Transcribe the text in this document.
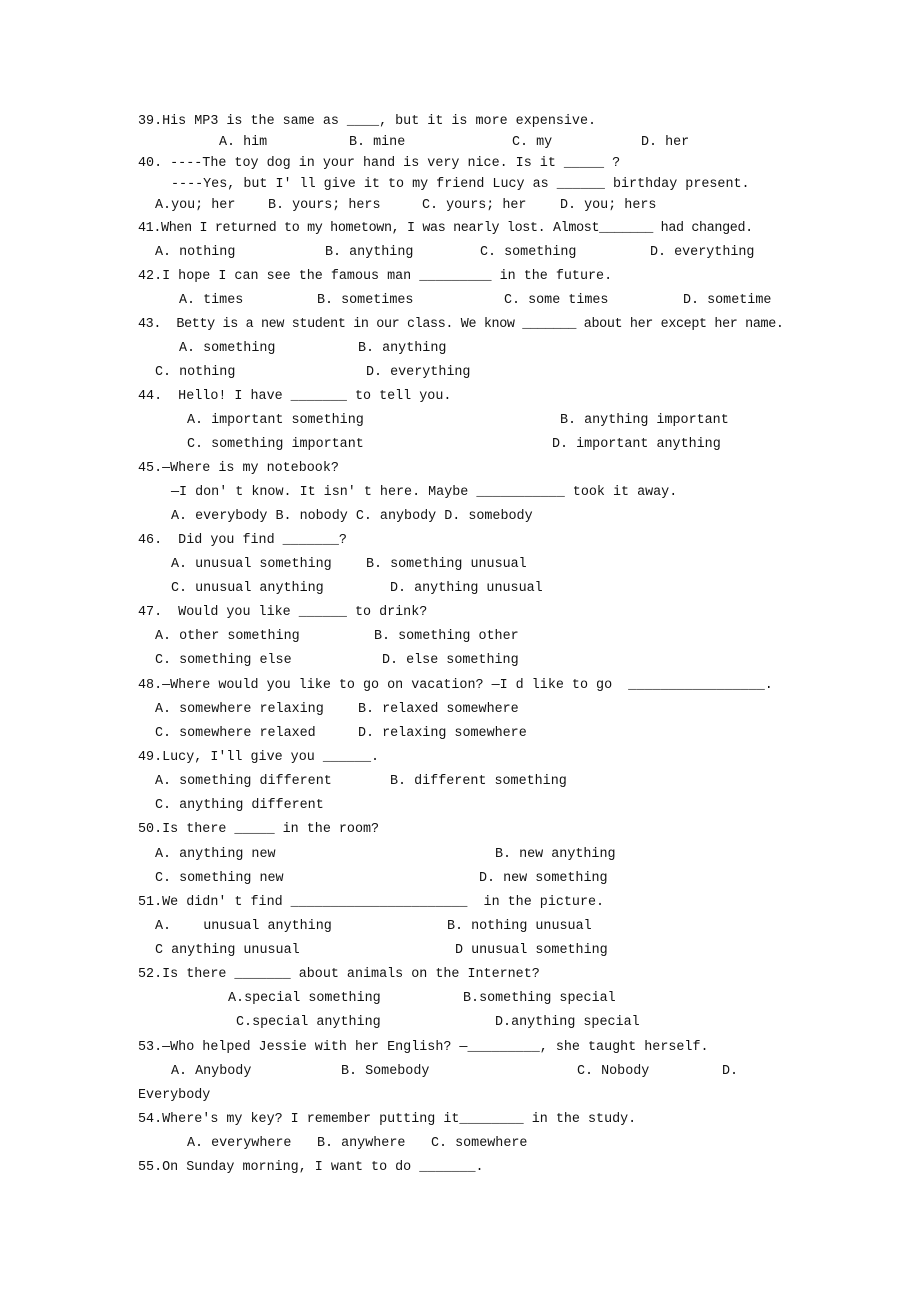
39.His MP3 is the same as ____, but it is more expensive.
A. him	B. mine	C. my	D. her
40. ----The toy dog in your hand is very nice. Is it _____ ?
----Yes, but I' ll give it to my friend Lucy as ______ birthday present.
A.you; her B. yours; hers	C. yours; her	D. you; hers
41.When I returned to my hometown, I was nearly lost. Almost_______ had changed.
A. nothing	B. anything	C. something	D. everything
42.I hope I can see the famous man _________ in the future.
A. times	B. sometimes	C. some times	D. sometime
43.  Betty is a new student in our class. We know _______ about her except her name.
A. something	B. anything
C. nothing	D. everything
44.  Hello! I have _______ to tell you.
A. important something	B. anything important
C. something important	D. important anything
45.—Where is my notebook?
—I don' t know. It isn' t here. Maybe ___________ took it away.
A. everybody B. nobody C. anybody D. somebody
46.  Did you find _______?
A. unusual something	B. something unusual
C. unusual anything	D. anything unusual
47.  Would you like ______ to drink?
A. other something	B. something other
C. something else	D. else something
48.—Where would you like to go on vacation? —I d like to go  _________________.
A. somewhere relaxing	B. relaxed somewhere
C. somewhere relaxed	D. relaxing somewhere
49.Lucy, I'll give you ______.
A. something different	B. different something
C. anything different
50.Is there _____ in the room?
A. anything new	B. new anything
C. something new	D. new something
51.We didn' t find ______________________  in the picture.
A.    unusual anything	B. nothing unusual
C anything unusual	D unusual something
52.Is there _______ about animals on the Internet?
A.special something	B.something special
C.special anything	D.anything special
53.—Who helped Jessie with her English? —_________, she taught herself.
A. Anybody	B. Somebody	C. Nobody	D.
Everybody
54.Where's my key? I remember putting it________ in the study.
A. everywhere B. anywhere C. somewhere
55.On Sunday morning, I want to do _______.
